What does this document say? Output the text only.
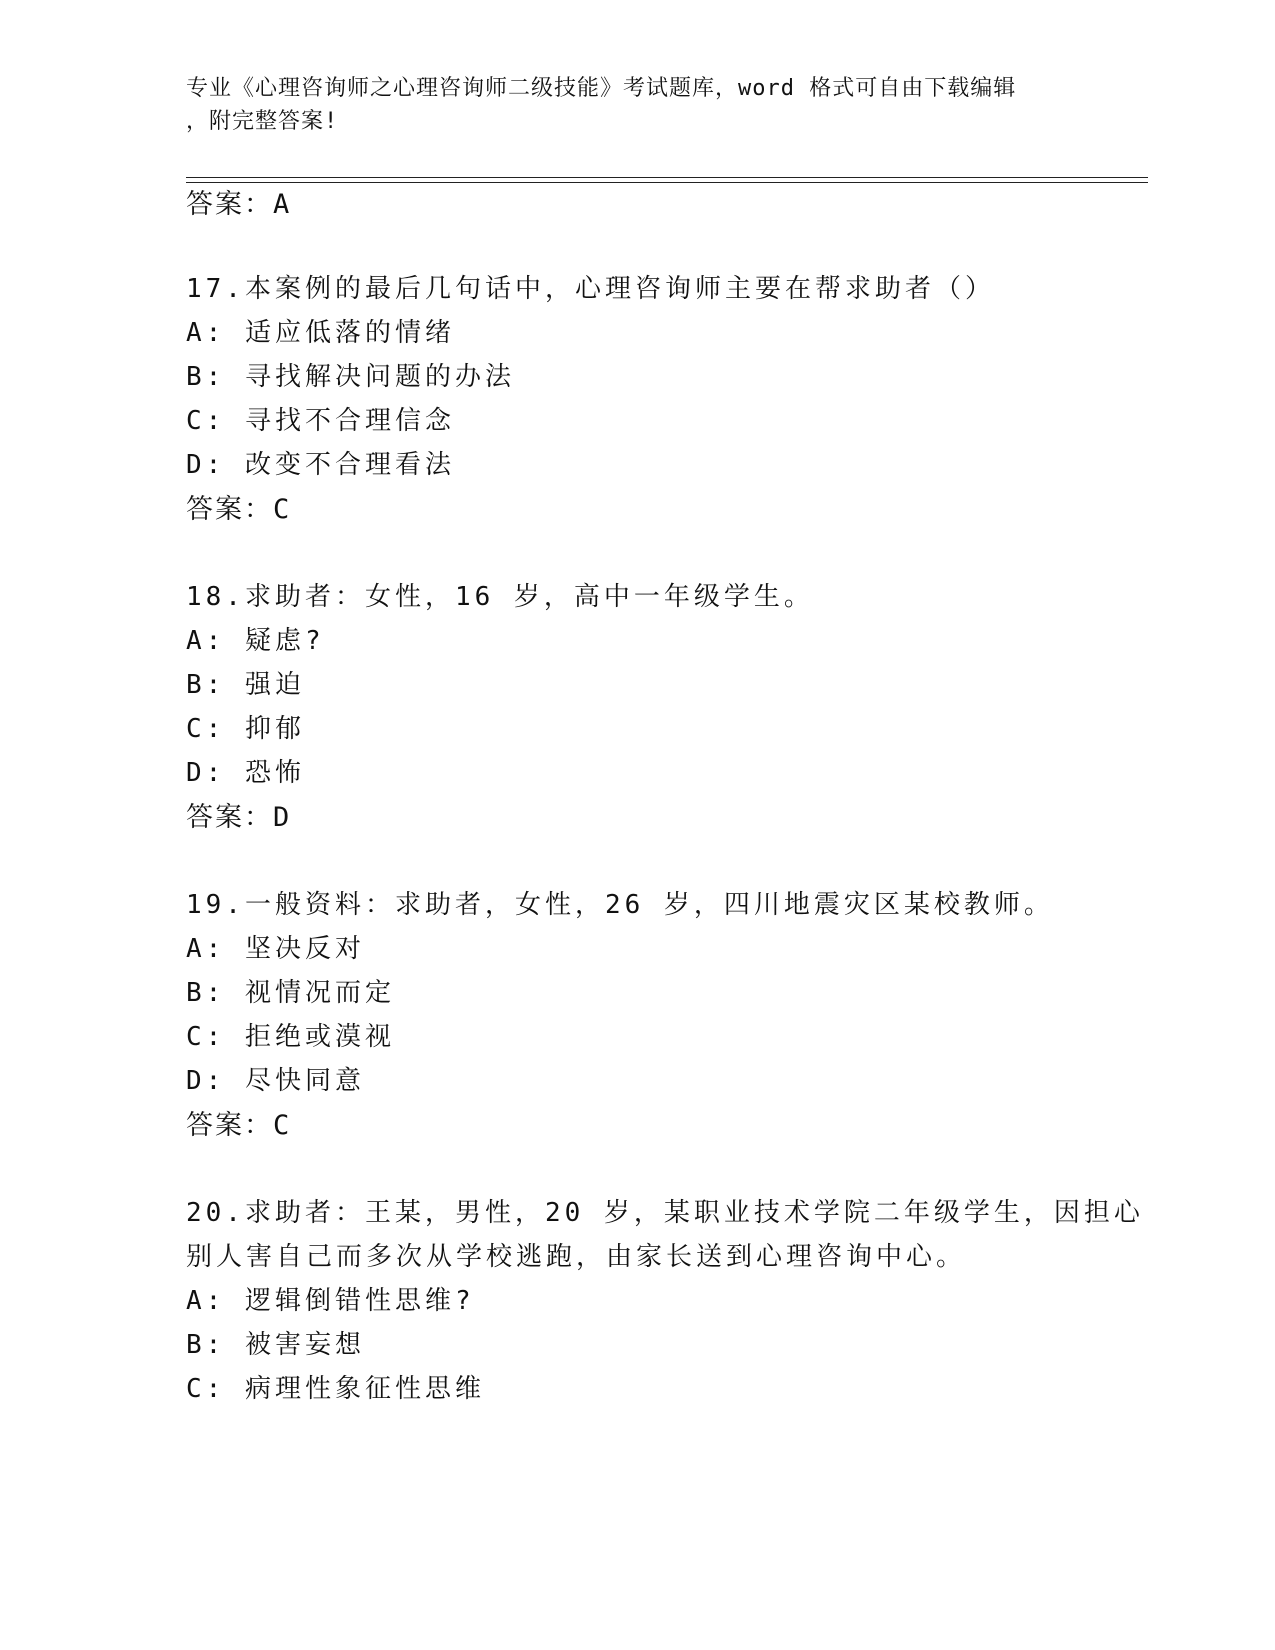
专业《心理咨询师之心理咨询师二级技能》考试题库，word 格式可自由下载编辑
，附完整答案!
答案：A
17.本案例的最后几句话中，心理咨询师主要在帮求助者（）
A: 适应低落的情绪
B: 寻找解决问题的办法
C: 寻找不合理信念
D: 改变不合理看法
答案：C
18.求助者：女性，16 岁，高中一年级学生。
A: 疑虑?
B: 强迫
C: 抑郁
D: 恐怖
答案：D
19.一般资料：求助者，女性，26 岁，四川地震灾区某校教师。
A: 坚决反对
B: 视情况而定
C: 拒绝或漠视
D: 尽快同意
答案：C
20.求助者：王某，男性，20 岁，某职业技术学院二年级学生，因担心
别人害自己而多次从学校逃跑，由家长送到心理咨询中心。
A: 逻辑倒错性思维?
B: 被害妄想
C: 病理性象征性思维
